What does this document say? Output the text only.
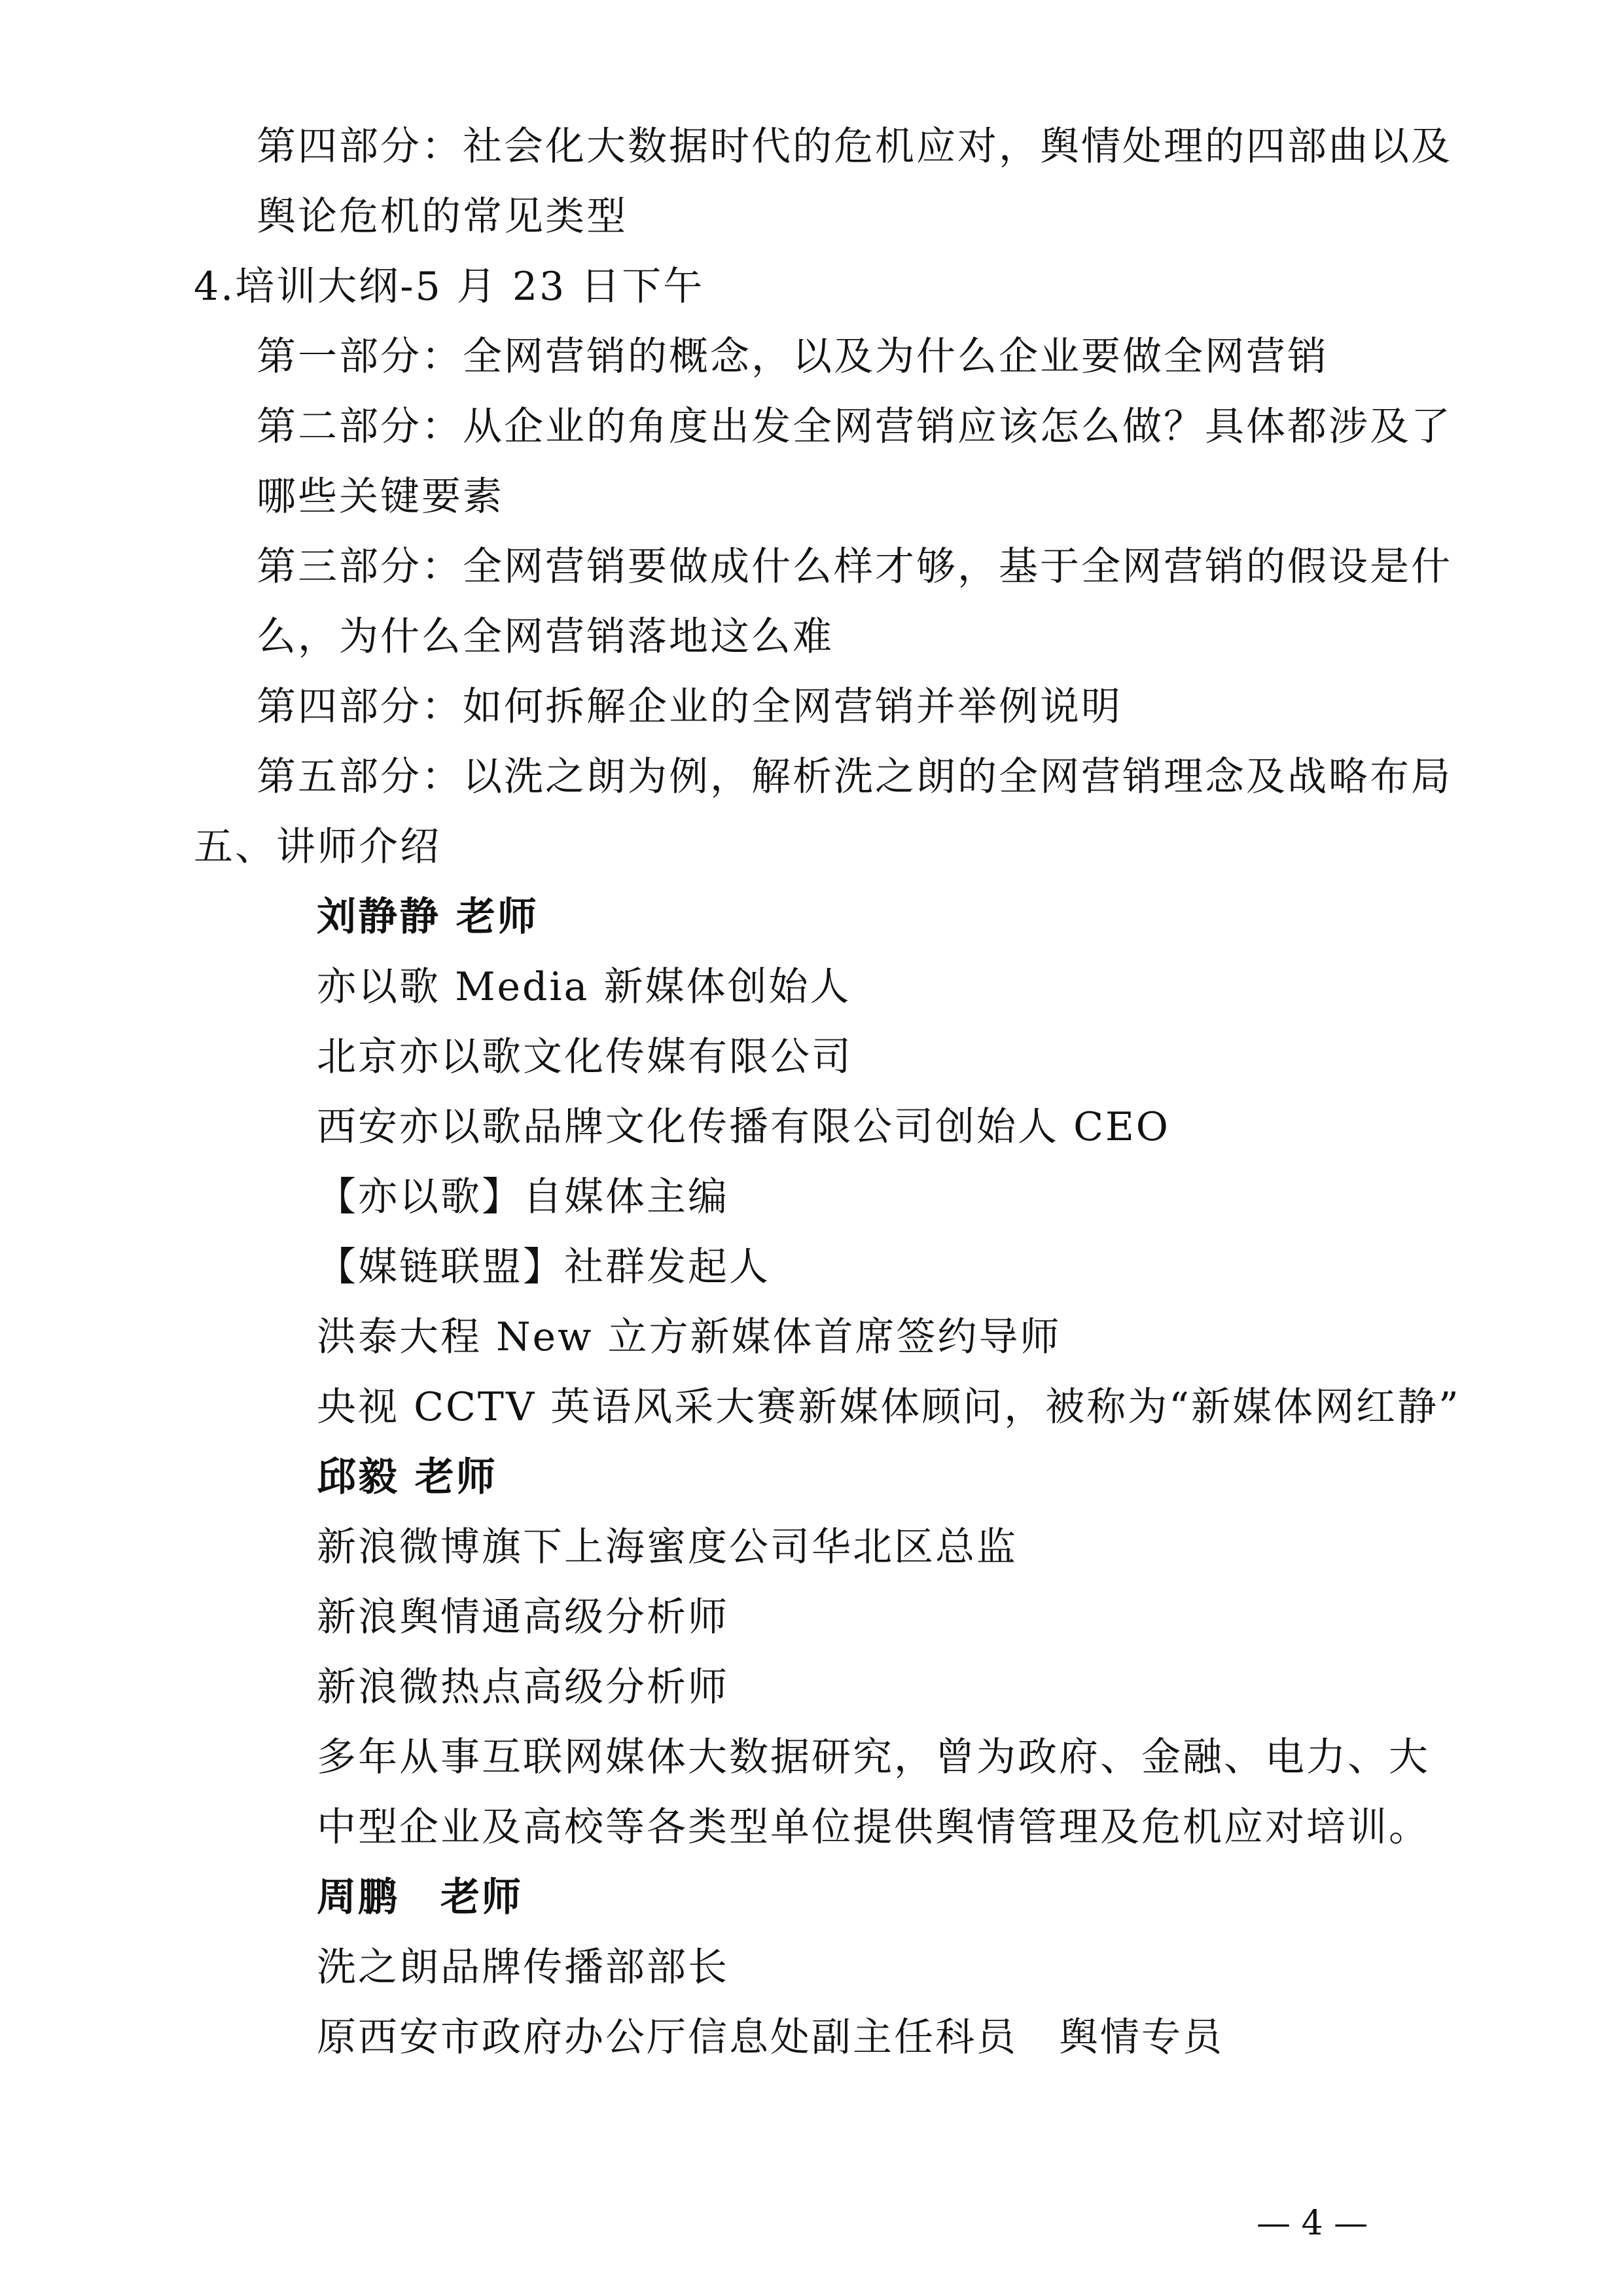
第四部分：社会化大数据时代的危机应对，舆情处理的四部曲以及
舆论危机的常见类型
4.培训大纲-5 月 23 日下午
第一部分：全网营销的概念，以及为什么企业要做全网营销
第二部分：从企业的角度出发全网营销应该怎么做？具体都涉及了
哪些关键要素
第三部分：全网营销要做成什么样才够，基于全网营销的假设是什
么，为什么全网营销落地这么难
第四部分：如何拆解企业的全网营销并举例说明
第五部分：以洗之朗为例，解析洗之朗的全网营销理念及战略布局
五、讲师介绍
刘静静 老师
亦以歌 Media 新媒体创始人
北京亦以歌文化传媒有限公司
西安亦以歌品牌文化传播有限公司创始人 CEO
【亦以歌】自媒体主编
【媒链联盟】社群发起人
洪泰大程 New 立方新媒体首席签约导师
央视 CCTV 英语风采大赛新媒体顾问，被称为“新媒体网红静”
邱毅 老师
新浪微博旗下上海蜜度公司华北区总监
新浪舆情通高级分析师
新浪微热点高级分析师
多年从事互联网媒体大数据研究，曾为政府、金融、电力、大
中型企业及高校等各类型单位提供舆情管理及危机应对培训。
周鹏　老师
洗之朗品牌传播部部长
原西安市政府办公厅信息处副主任科员　舆情专员
— 4 —
